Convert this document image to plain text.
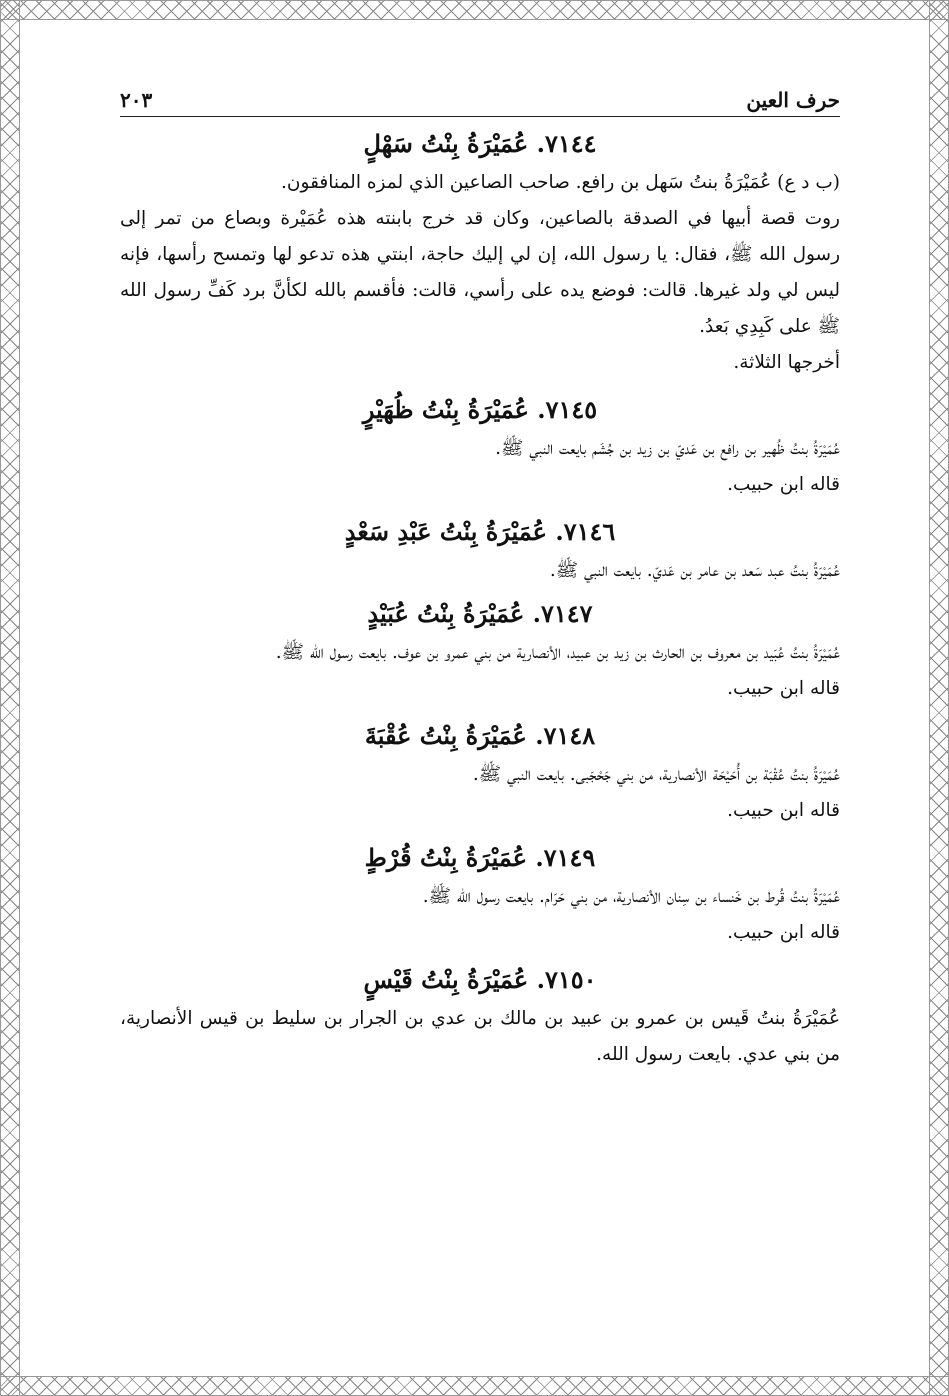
حرف العين
٢٠٣
٧١٤٤. عُمَيْرَةُ بِنْتُ سَهْلٍ

(ب د ع) عُمَيْرَةُ بنتُ سَهل بن رافع. صاحب الصاعين الذي لمزه المنافقون.

روت قصة أبيها في الصدقة بالصاعين، وكان قد خرج بابنته هذه عُمَيْرة وبصاع من تمر إلى رسول الله ﷺ، فقال: يا رسول الله، إن لي إليك حاجة، ابنتي هذه تدعو لها وتمسح رأسها، فإنه ليس لي ولد غيرها. قالت: فوضع يده على رأسي، قالت: فأقسم بالله لكأنَّ برد كَفِّ رسول الله ﷺ على كَبِدِي بَعدُ.

أخرجها الثلاثة.

٧١٤٥. عُمَيْرَةُ بِنْتُ ظُهَيْرٍ

عُمَيْرَةُ بنتُ ظُهير بن رافع بن عَديّ بن زيد بن جُشَم بايعت النبي ﷺ.

قاله ابن حبيب.

٧١٤٦. عُمَيْرَةُ بِنْتُ عَبْدِ سَعْدٍ

عُمَيْرَةُ بنتُ عبد سَعد بن عامر بن عَديّ. بايعت النبي ﷺ.

٧١٤٧. عُمَيْرَةُ بِنْتُ عُبَيْدٍ

عُمَيْرَةُ بنتُ عُبَيد بن معروف بن الحارث بن زيد بن عبيد، الأنصارية من بني عمرو بن عوف. بايعت رسول الله ﷺ.

قاله ابن حبيب.

٧١٤٨. عُمَيْرَةُ بِنْتُ عُقْبَةَ

عُمَيْرَةُ بنتُ عُقْبَة بن أُحَيْحَة الأنصارية، من بني جَحْجَبى. بايعت النبي ﷺ.

قاله ابن حبيب.

٧١٤٩. عُمَيْرَةُ بِنْتُ قُرْطٍ

عُمَيْرَةُ بنتُ قُرط بن خَنساء بن سِنان الأنصارية، من بني حَرَام. بايعت رسول الله ﷺ.

قاله ابن حبيب.

٧١٥٠. عُمَيْرَةُ بِنْتُ قَيْسٍ

عُمَيْرَةُ بنتُ قَيس بن عمرو بن عبيد بن مالك بن عدي بن الجرار بن سليط بن قيس الأنصارية، من بني عدي. بايعت رسول الله.
